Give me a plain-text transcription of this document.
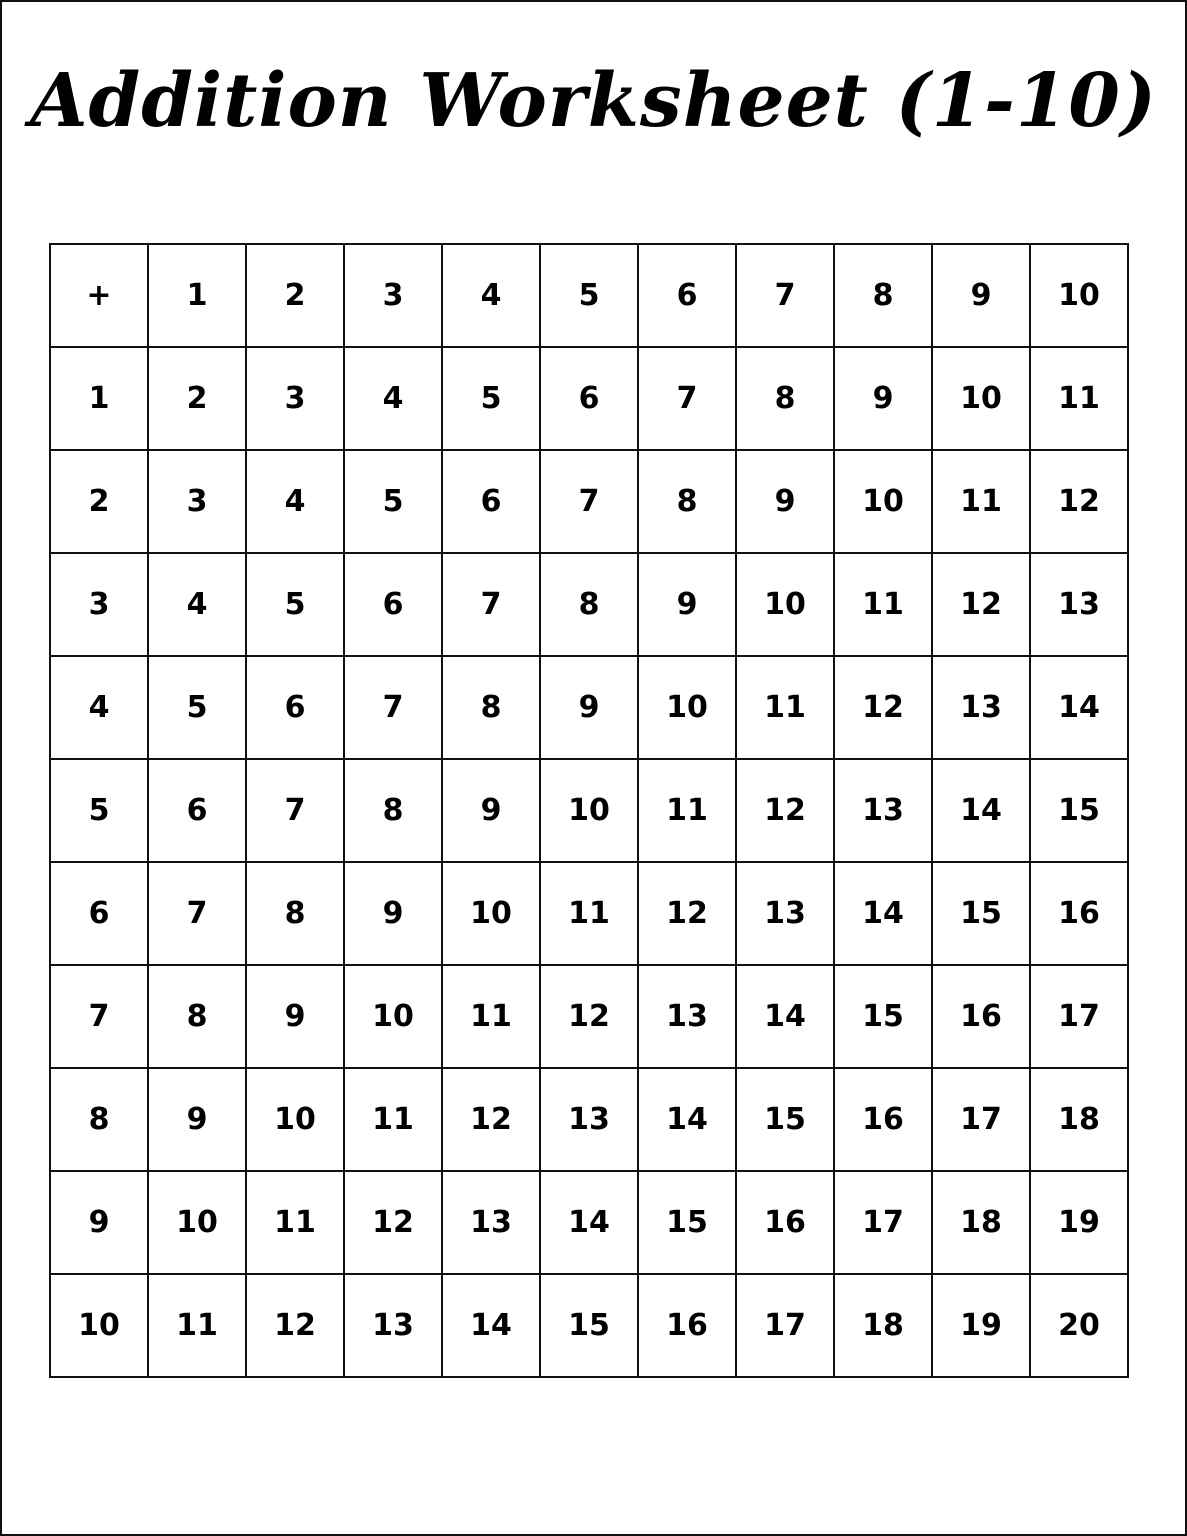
Addition Worksheet (1-10)
+	1	2	3	4	5	6	7	8	9	10
1	2	3	4	5	6	7	8	9	10	11
2	3	4	5	6	7	8	9	10	11	12
3	4	5	6	7	8	9	10	11	12	13
4	5	6	7	8	9	10	11	12	13	14
5	6	7	8	9	10	11	12	13	14	15
6	7	8	9	10	11	12	13	14	15	16
7	8	9	10	11	12	13	14	15	16	17
8	9	10	11	12	13	14	15	16	17	18
9	10	11	12	13	14	15	16	17	18	19
10	11	12	13	14	15	16	17	18	19	20
